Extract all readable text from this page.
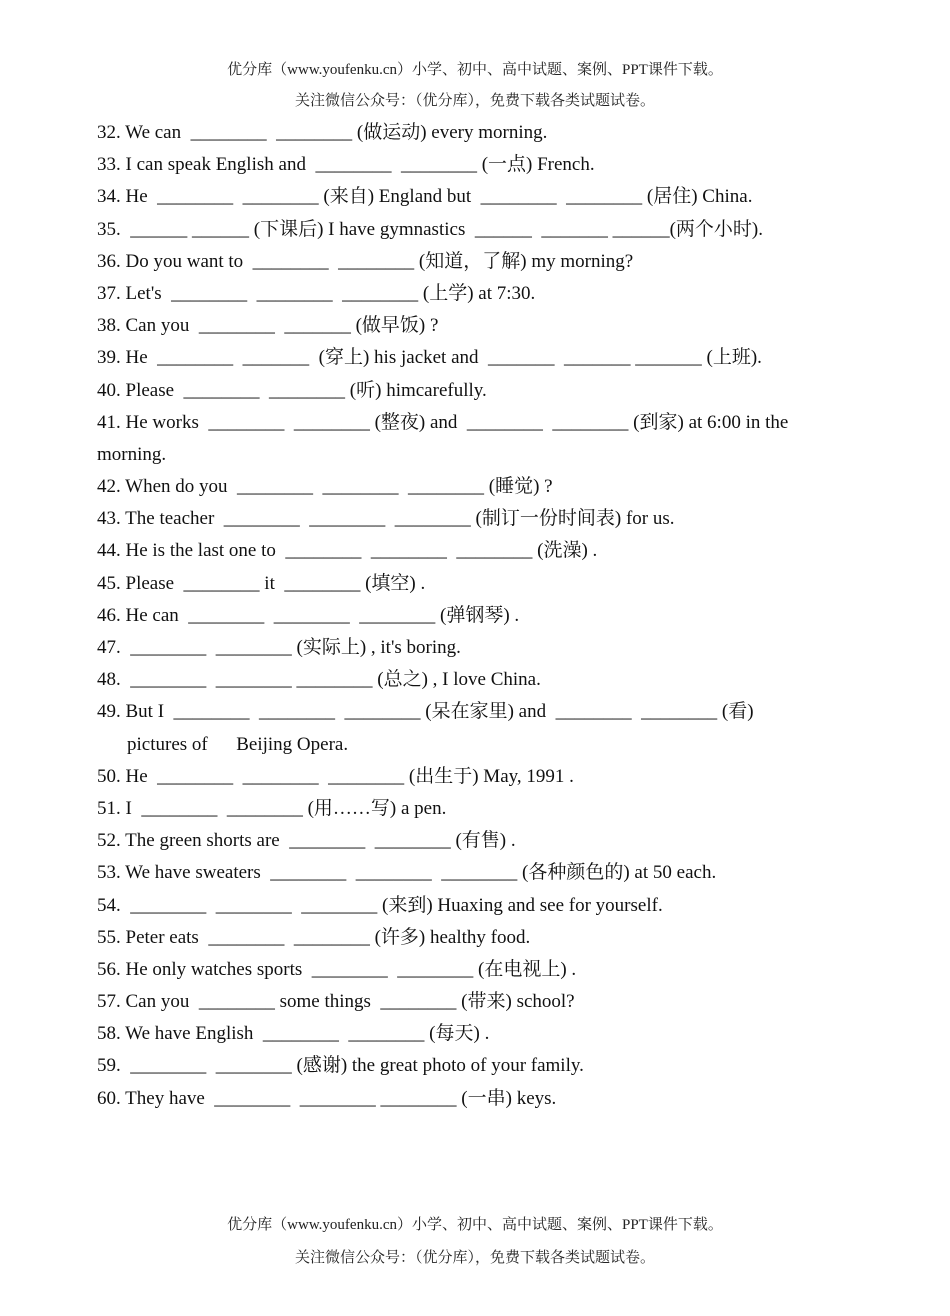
优分库（www.youfenku.cn）小学、初中、高中试题、案例、PPT课件下载。
关注微信公众号：（优分库），免费下载各类试题试卷。
32. We can  ________  ________ (做运动) every morning.
33. I can speak English and  ________  ________ (一点) French.
34. He  ________  ________ (来自) England but  ________  ________ (居住) China.
35.  ______ ______ (下课后) I have gymnastics  ______  _______ ______(两个小时).
36. Do you want to  ________  ________ (知道，了解) my morning?
37. Let's  ________  ________  ________ (上学) at 7:30.
38. Can you  ________  _______ (做早饭) ?
39. He  ________  _______  (穿上) his jacket and  _______  _______ _______ (上班).
40. Please  ________  ________ (听) himcarefully.
41. He works  ________  ________ (整夜) and  ________  ________ (到家) at 6:00 in the
morning.
42. When do you  ________  ________  ________ (睡觉) ?
43. The teacher  ________  ________  ________ (制订一份时间表) for us.
44. He is the last one to  ________  ________  ________ (洗澡) .
45. Please  ________ it  ________ (填空) .
46. He can  ________  ________  ________ (弹钢琴) .
47.  ________  ________ (实际上) , it's boring.
48.  ________  ________ ________ (总之) , I love China.
49. But I  ________  ________  ________ (呆在家里) and  ________  ________ (看)
pictures of      Beijing Opera.
50. He  ________  ________  ________ (出生于) May, 1991 .
51. I  ________  ________ (用……写) a pen.
52. The green shorts are  ________  ________ (有售) .
53. We have sweaters  ________  ________  ________ (各种颜色的) at 50 each.
54.  ________  ________  ________ (来到) Huaxing and see for yourself.
55. Peter eats  ________  ________ (许多) healthy food.
56. He only watches sports  ________  ________ (在电视上) .
57. Can you  ________ some things  ________ (带来) school?
58. We have English  ________  ________ (每天) .
59.  ________  ________ (感谢) the great photo of your family.
60. They have  ________  ________ ________ (一串) keys.
优分库（www.youfenku.cn）小学、初中、高中试题、案例、PPT课件下载。
关注微信公众号：（优分库），免费下载各类试题试卷。
